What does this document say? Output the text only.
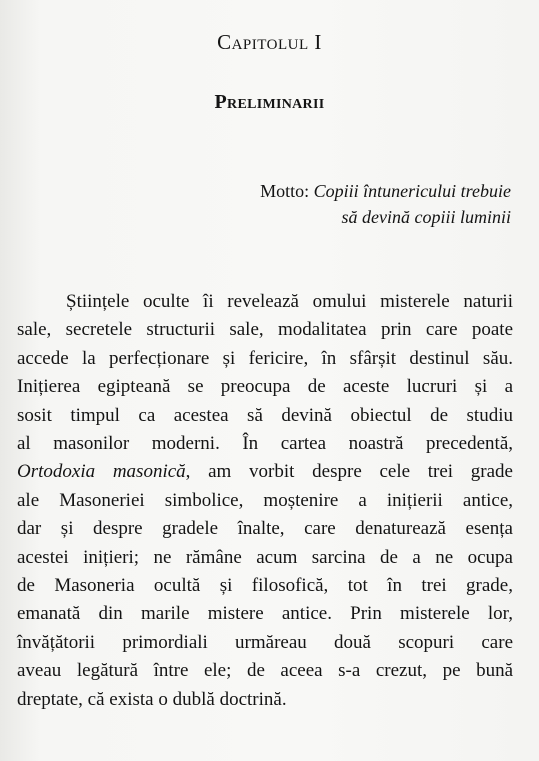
Capitolul I
Preliminarii
Motto: Copiii întunericului trebuie
să devină copiii luminii
Științele oculte îi revelează omului misterele naturii
sale, secretele structurii sale, modalitatea prin care poate
accede la perfecționare și fericire, în sfârșit destinul său.
Inițierea egipteană se preocupa de aceste lucruri și a
sosit timpul ca acestea să devină obiectul de studiu
al masonilor moderni. În cartea noastră precedentă,
Ortodoxia masonică, am vorbit despre cele trei grade
ale Masoneriei simbolice, moștenire a inițierii antice,
dar și despre gradele înalte, care denaturează esența
acestei inițieri; ne rămâne acum sarcina de a ne ocupa
de Masoneria ocultă și filosofică, tot în trei grade,
emanată din marile mistere antice. Prin misterele lor,
învățătorii primordiali urmăreau două scopuri care
aveau legătură între ele; de aceea s-a crezut, pe bună
dreptate, că exista o dublă doctrină.
